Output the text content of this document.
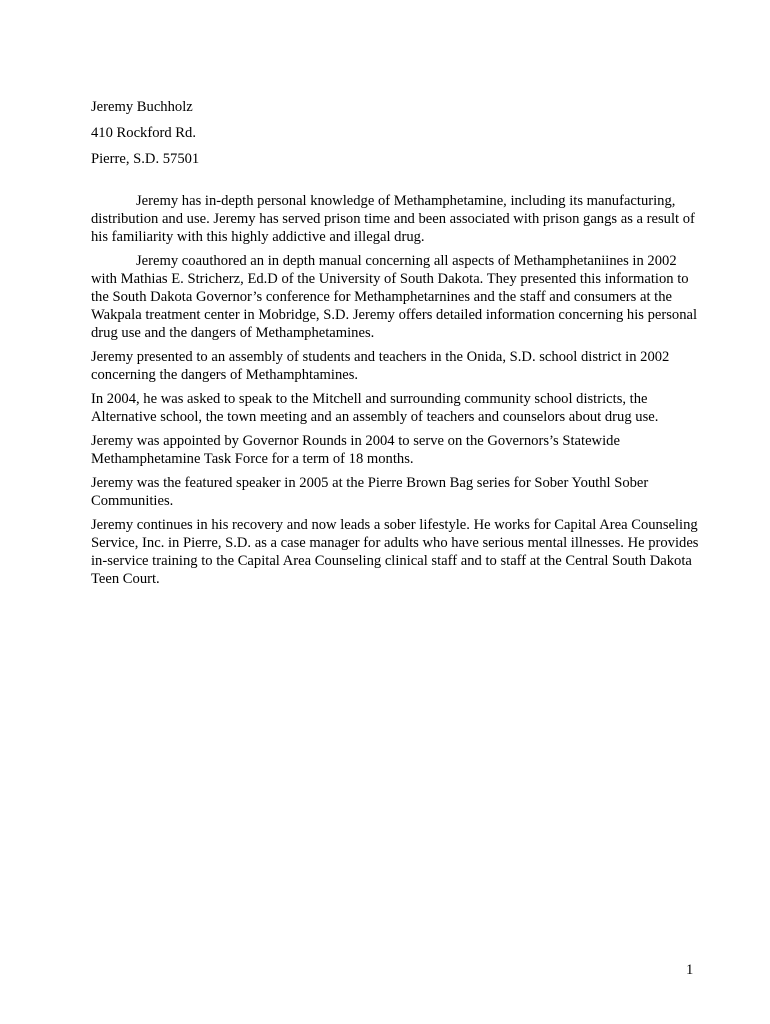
Jeremy Buchholz

410 Rockford Rd.

Pierre, S.D. 57501

Jeremy has in-depth personal knowledge of Methamphetamine, including its manufacturing, distribution and use. Jeremy has served prison time and been associated with prison gangs as a result of his familiarity with this highly addictive and illegal drug.

Jeremy coauthored an in depth manual concerning all aspects of Methamphetaniines in 2002 with Mathias E. Stricherz, Ed.D of the University of South Dakota. They presented this information to the South Dakota Governor’s conference for Methamphetarnines and the staff and consumers at the Wakpala treatment center in Mobridge, S.D. Jeremy offers detailed information concerning his personal drug use and the dangers of Methamphetamines.

Jeremy presented to an assembly of students and teachers in the Onida, S.D. school district in 2002 concerning the dangers of Methamphtamines.

In 2004, he was asked to speak to the Mitchell and surrounding community school districts, the Alternative school, the town meeting and an assembly of teachers and counselors about drug use.

Jeremy was appointed by Governor Rounds in 2004 to serve on the Governors’s Statewide Methamphetamine Task Force for a term of 18 months.

Jeremy was the featured speaker in 2005 at the Pierre Brown Bag series for Sober Youthl Sober Communities.

Jeremy continues in his recovery and now leads a sober lifestyle. He works for Capital Area Counseling Service, Inc. in Pierre, S.D. as a case manager for adults who have serious mental illnesses. He provides in-service training to the Capital Area Counseling clinical staff and to staff at the Central South Dakota Teen Court.

1
